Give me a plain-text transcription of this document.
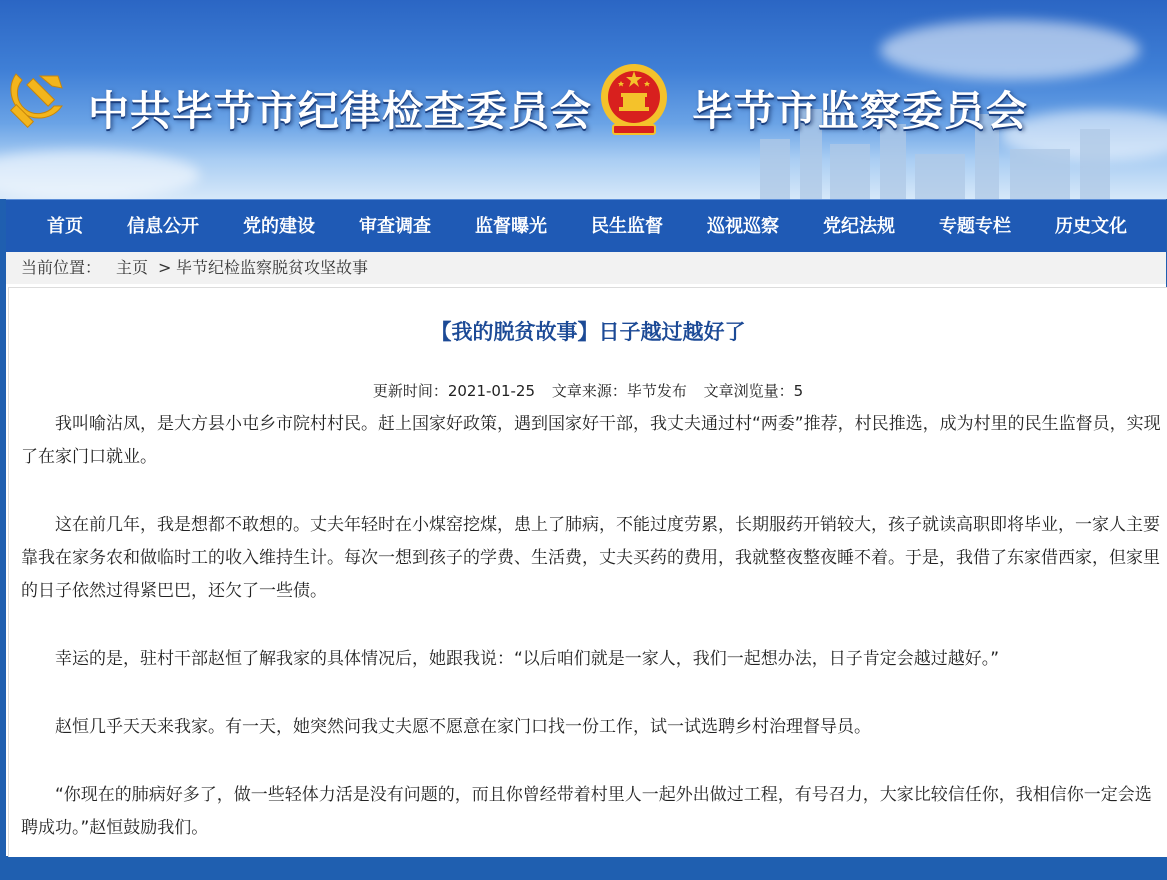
中共毕节市纪律检查委员会 毕节市监察委员会
首页	信息公开	党的建设	审查调查	监督曝光	民生监督	巡视巡察	党纪法规	专题专栏	历史文化
当前位置： 主页 > 毕节纪检监察脱贫攻坚故事
【我的脱贫故事】日子越过越好了
更新时间：2021-01-25 文章来源：毕节发布 文章浏览量：5

我叫喻沾凤，是大方县小屯乡市院村村民。赶上国家好政策，遇到国家好干部，我丈夫通过村“两委”推荐，村民推选，成为村里的民生监督员，实现了在家门口就业。

这在前几年，我是想都不敢想的。丈夫年轻时在小煤窑挖煤，患上了肺病，不能过度劳累，长期服药开销较大，孩子就读高职即将毕业，一家人主要靠我在家务农和做临时工的收入维持生计。每次一想到孩子的学费、生活费，丈夫买药的费用，我就整夜整夜睡不着。于是，我借了东家借西家，但家里的日子依然过得紧巴巴，还欠了一些债。

幸运的是，驻村干部赵恒了解我家的具体情况后，她跟我说：“以后咱们就是一家人，我们一起想办法，日子肯定会越过越好。”

赵恒几乎天天来我家。有一天，她突然问我丈夫愿不愿意在家门口找一份工作，试一试选聘乡村治理督导员。

“你现在的肺病好多了，做一些轻体力活是没有问题的，而且你曾经带着村里人一起外出做过工程，有号召力，大家比较信任你，我相信你一定会选聘成功。”赵恒鼓励我们。
